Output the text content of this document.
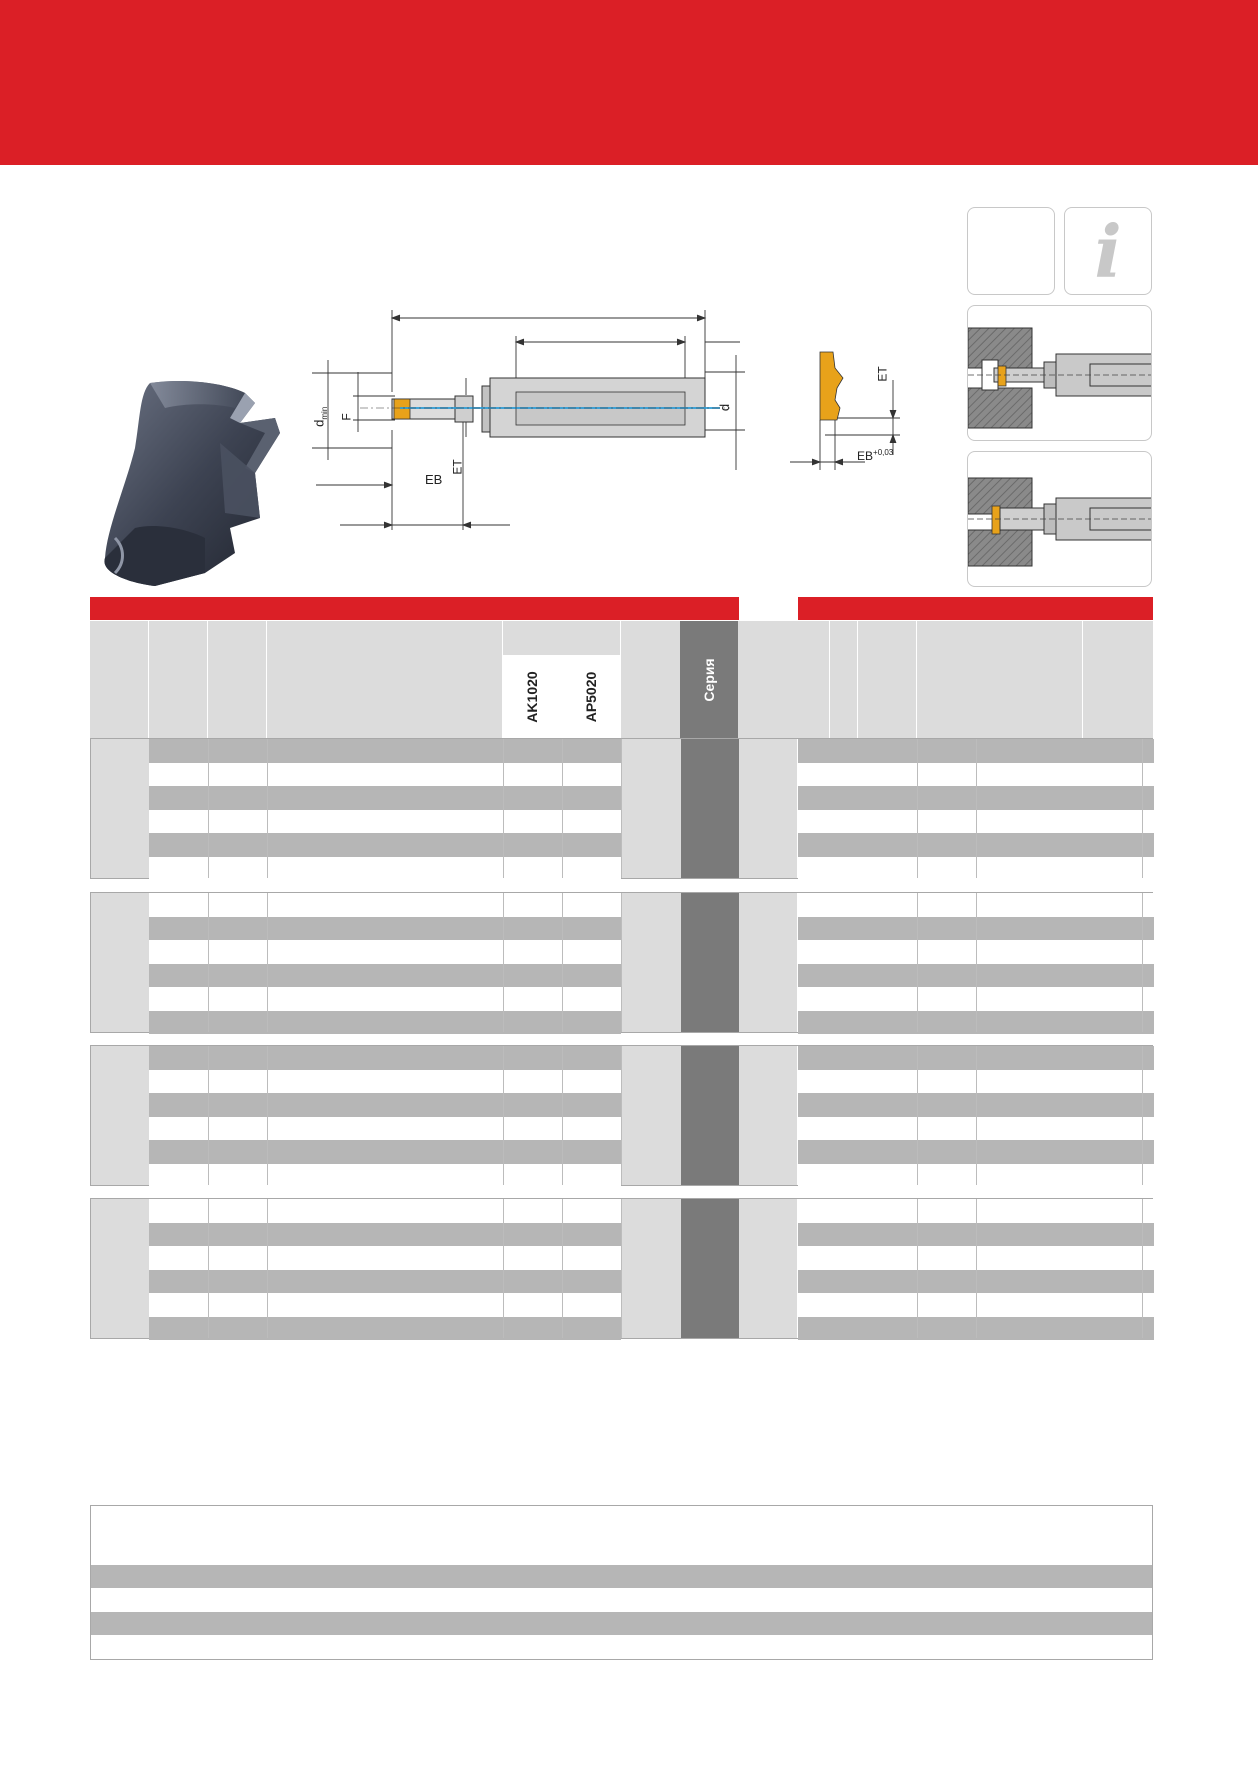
i
$d_{min}$ F
EB
ET
d
ET
$EB^{+0,03}$
AK1020	AP5020	Серия
